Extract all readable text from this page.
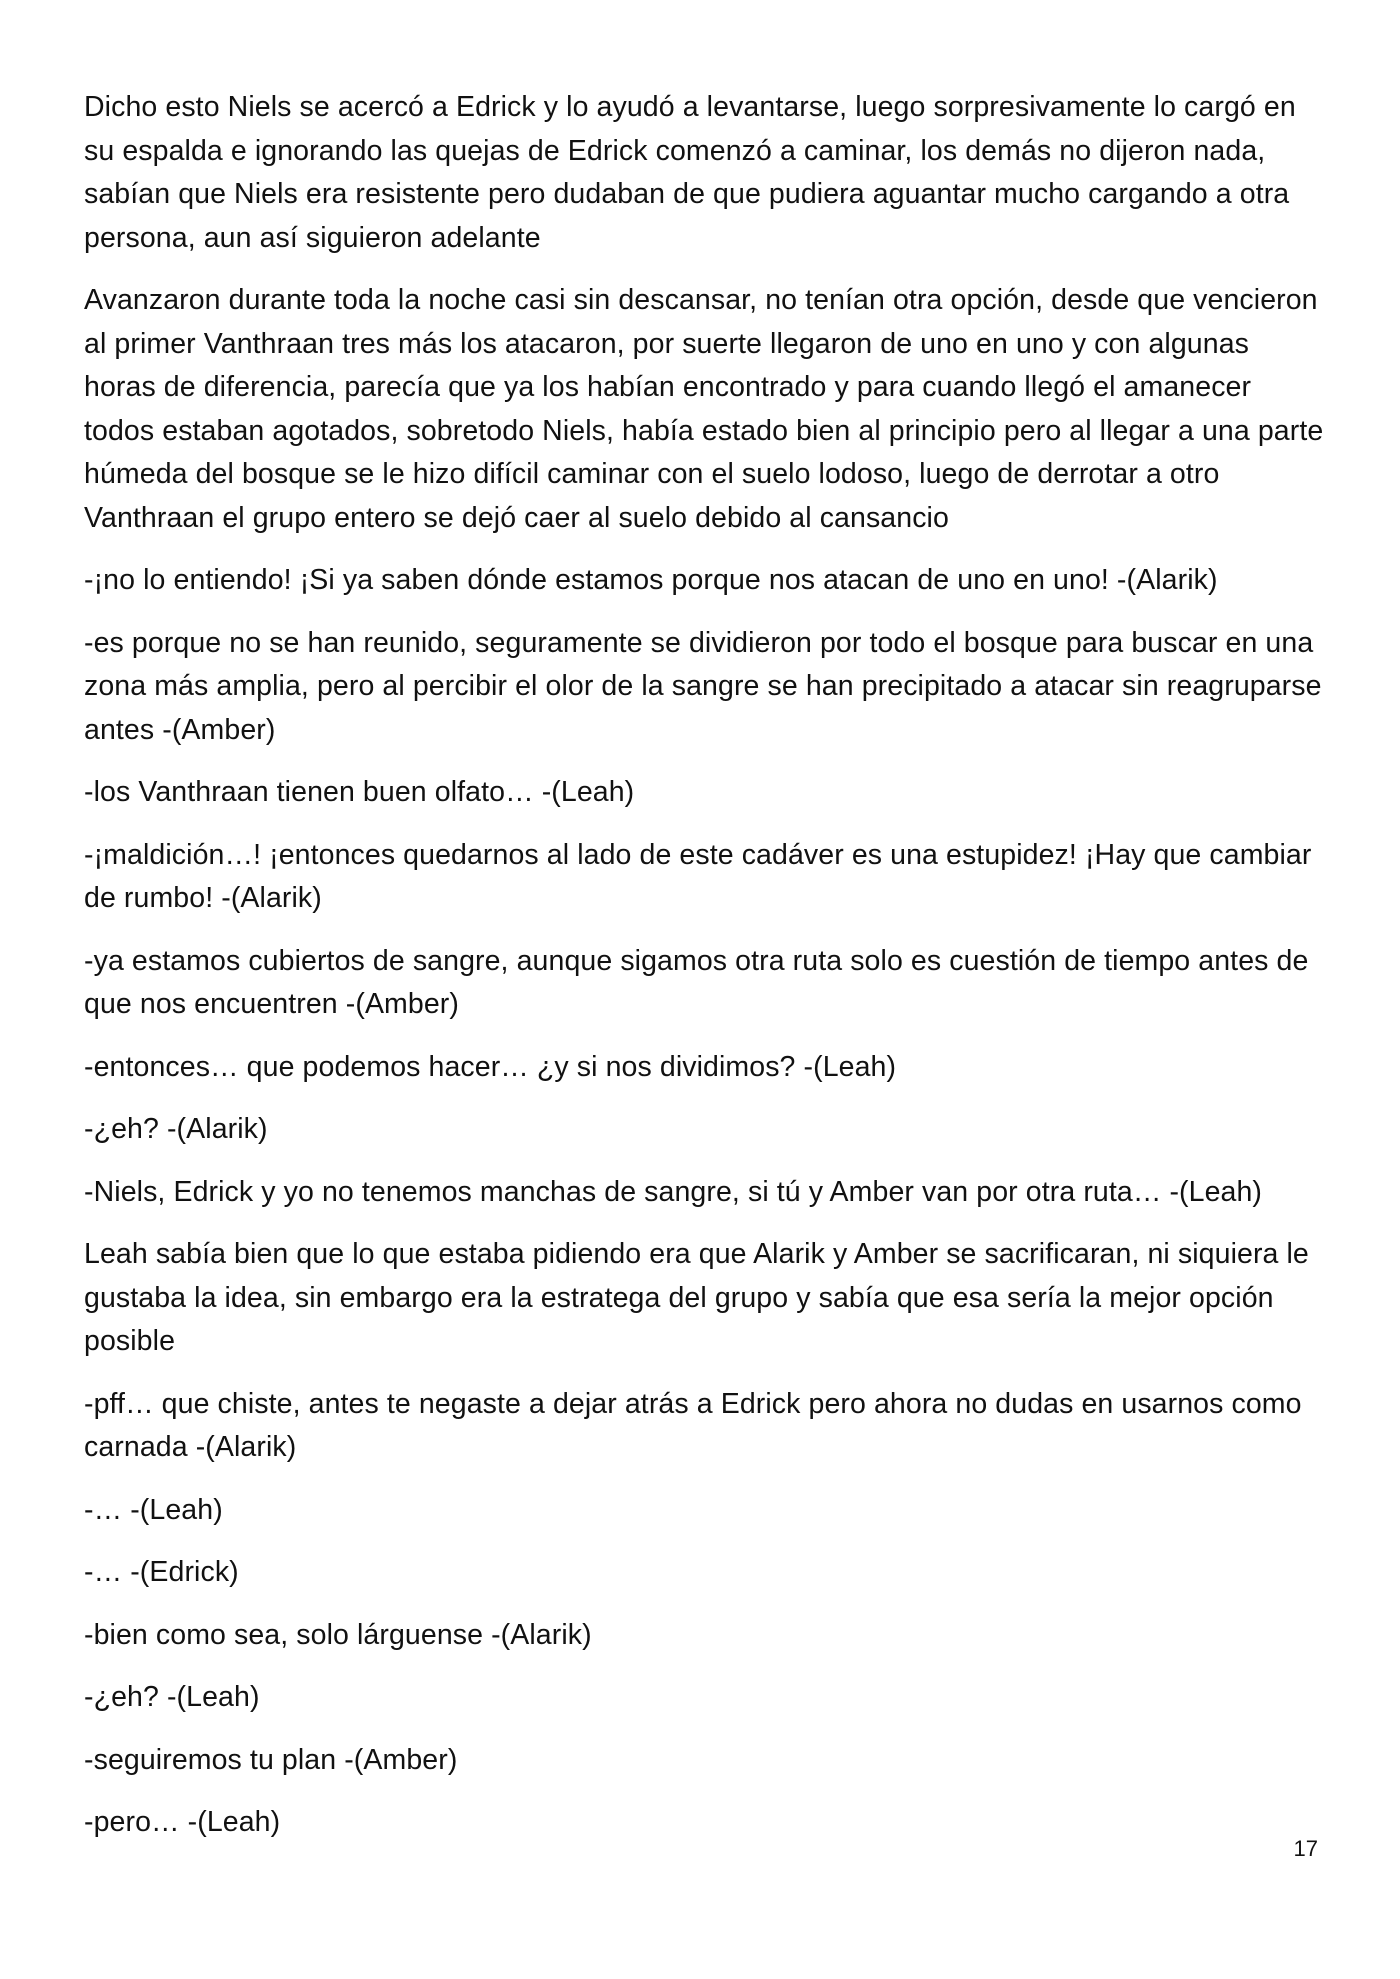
Dicho esto Niels se acercó a Edrick y lo ayudó a levantarse, luego sorpresivamente lo cargó en su espalda e ignorando las quejas de Edrick comenzó a caminar, los demás no dijeron nada, sabían que Niels era resistente pero dudaban de que pudiera aguantar mucho cargando a otra persona, aun así siguieron adelante

Avanzaron durante toda la noche casi sin descansar, no tenían otra opción, desde que vencieron al primer Vanthraan tres más los atacaron, por suerte llegaron de uno en uno y con algunas horas de diferencia, parecía que ya los habían encontrado y para cuando llegó el amanecer todos estaban agotados, sobretodo Niels, había estado bien al principio pero al llegar a una parte húmeda del bosque se le hizo difícil caminar con el suelo lodoso, luego de derrotar a otro Vanthraan el grupo entero se dejó caer al suelo debido al cansancio

-¡no lo entiendo! ¡Si ya saben dónde estamos porque nos atacan de uno en uno! -(Alarik)

-es porque no se han reunido, seguramente se dividieron por todo el bosque para buscar en una zona más amplia, pero al percibir el olor de la sangre se han precipitado a atacar sin reagruparse antes -(Amber)

-los Vanthraan tienen buen olfato… -(Leah)

-¡maldición…! ¡entonces quedarnos al lado de este cadáver es una estupidez! ¡Hay que cambiar de rumbo! -(Alarik)

-ya estamos cubiertos de sangre, aunque sigamos otra ruta solo es cuestión de tiempo antes de que nos encuentren -(Amber)

-entonces… que podemos hacer… ¿y si nos dividimos? -(Leah)

-¿eh? -(Alarik)

-Niels, Edrick y yo no tenemos manchas de sangre, si tú y Amber van por otra ruta… -(Leah)

Leah sabía bien que lo que estaba pidiendo era que Alarik y Amber se sacrificaran, ni siquiera le gustaba la idea, sin embargo era la estratega del grupo y sabía que esa sería la mejor opción posible

-pff… que chiste, antes te negaste a dejar atrás a Edrick pero ahora no dudas en usarnos como carnada -(Alarik)

-… -(Leah)

-… -(Edrick)

-bien como sea, solo lárguense -(Alarik)

-¿eh? -(Leah)

-seguiremos tu plan -(Amber)

-pero… -(Leah)

17
